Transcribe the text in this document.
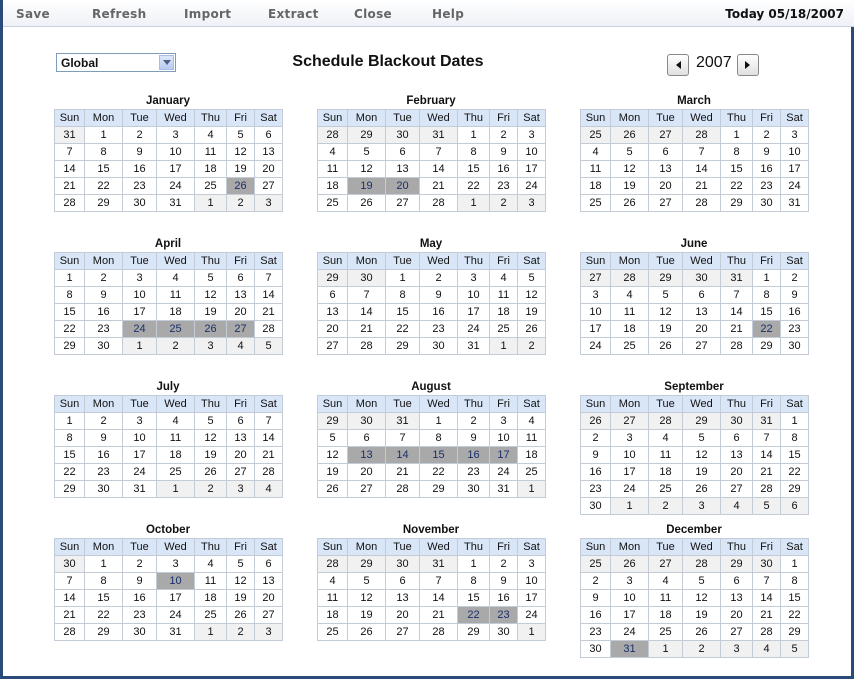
Save	Refresh	Import	Extract	Close	Help	Today 05/18/2007
Global	Schedule Blackout Dates	2007
January
Sun	Mon	Tue	Wed	Thu	Fri	Sat
31	1	2	3	4	5	6
7	8	9	10	11	12	13
14	15	16	17	18	19	20
21	22	23	24	25	26	27
28	29	30	31	1	2	3
February
Sun	Mon	Tue	Wed	Thu	Fri	Sat
28	29	30	31	1	2	3
4	5	6	7	8	9	10
11	12	13	14	15	16	17
18	19	20	21	22	23	24
25	26	27	28	1	2	3
March
Sun	Mon	Tue	Wed	Thu	Fri	Sat
25	26	27	28	1	2	3
4	5	6	7	8	9	10
11	12	13	14	15	16	17
18	19	20	21	22	23	24
25	26	27	28	29	30	31
April
Sun	Mon	Tue	Wed	Thu	Fri	Sat
1	2	3	4	5	6	7
8	9	10	11	12	13	14
15	16	17	18	19	20	21
22	23	24	25	26	27	28
29	30	1	2	3	4	5
May
Sun	Mon	Tue	Wed	Thu	Fri	Sat
29	30	1	2	3	4	5
6	7	8	9	10	11	12
13	14	15	16	17	18	19
20	21	22	23	24	25	26
27	28	29	30	31	1	2
June
Sun	Mon	Tue	Wed	Thu	Fri	Sat
27	28	29	30	31	1	2
3	4	5	6	7	8	9
10	11	12	13	14	15	16
17	18	19	20	21	22	23
24	25	26	27	28	29	30
July
Sun	Mon	Tue	Wed	Thu	Fri	Sat
1	2	3	4	5	6	7
8	9	10	11	12	13	14
15	16	17	18	19	20	21
22	23	24	25	26	27	28
29	30	31	1	2	3	4
August
Sun	Mon	Tue	Wed	Thu	Fri	Sat
29	30	31	1	2	3	4
5	6	7	8	9	10	11
12	13	14	15	16	17	18
19	20	21	22	23	24	25
26	27	28	29	30	31	1
September
Sun	Mon	Tue	Wed	Thu	Fri	Sat
26	27	28	29	30	31	1
2	3	4	5	6	7	8
9	10	11	12	13	14	15
16	17	18	19	20	21	22
23	24	25	26	27	28	29
30	1	2	3	4	5	6
October
Sun	Mon	Tue	Wed	Thu	Fri	Sat
30	1	2	3	4	5	6
7	8	9	10	11	12	13
14	15	16	17	18	19	20
21	22	23	24	25	26	27
28	29	30	31	1	2	3
November
Sun	Mon	Tue	Wed	Thu	Fri	Sat
28	29	30	31	1	2	3
4	5	6	7	8	9	10
11	12	13	14	15	16	17
18	19	20	21	22	23	24
25	26	27	28	29	30	1
December
Sun	Mon	Tue	Wed	Thu	Fri	Sat
25	26	27	28	29	30	1
2	3	4	5	6	7	8
9	10	11	12	13	14	15
16	17	18	19	20	21	22
23	24	25	26	27	28	29
30	31	1	2	3	4	5
